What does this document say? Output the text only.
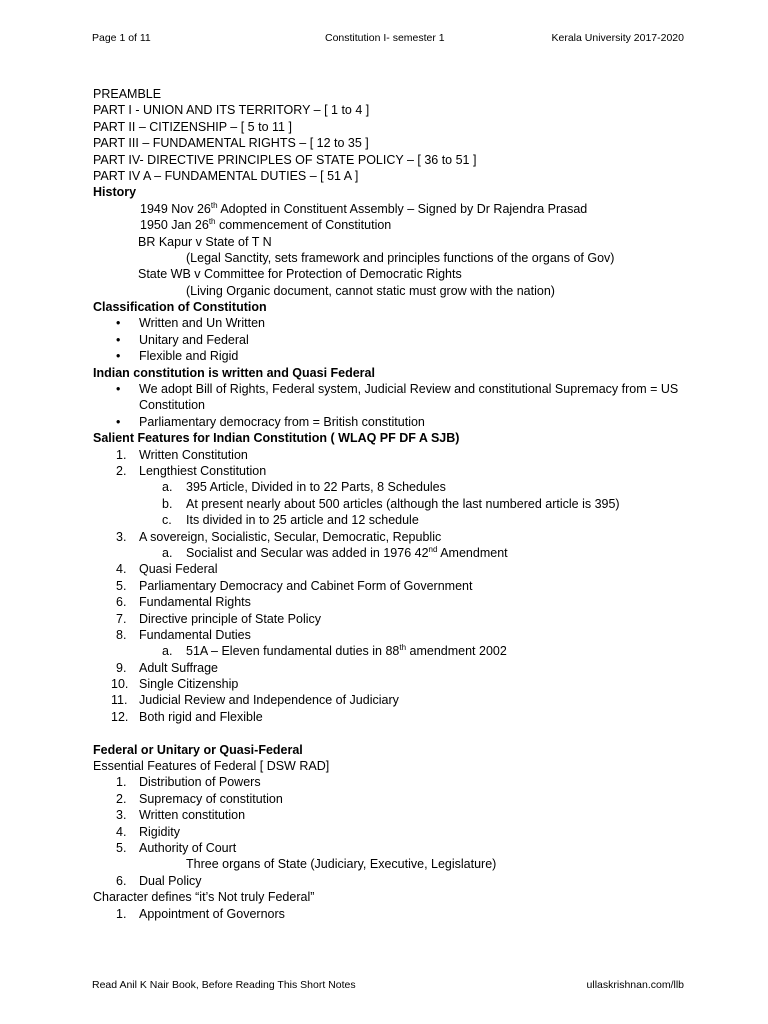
Page 1 of 11	Constitution I- semester 1	Kerala University 2017-2020
PREAMBLE
PART I - UNION AND ITS TERRITORY – [ 1 to 4 ]
PART II – CITIZENSHIP – [ 5 to 11 ]
PART III – FUNDAMENTAL RIGHTS – [ 12 to 35 ]
PART IV- DIRECTIVE PRINCIPLES OF STATE POLICY – [ 36 to 51 ]
PART IV A – FUNDAMENTAL DUTIES – [ 51 A ]
History
1949 Nov 26th Adopted in Constituent Assembly – Signed by Dr Rajendra Prasad
1950 Jan 26th commencement of Constitution
BR Kapur v State of T N
(Legal Sanctity, sets framework and principles functions of the organs of Gov)
State WB v Committee for Protection of Democratic Rights
(Living Organic document, cannot static must grow with the nation)
Classification of Constitution
• Written and Un Written
• Unitary and Federal
• Flexible and Rigid
Indian constitution is written and Quasi Federal
• We adopt Bill of Rights, Federal system, Judicial Review and constitutional Supremacy from = US Constitution
• Parliamentary democracy from = British constitution
Salient Features for Indian Constitution ( WLAQ PF DF A SJB)
1. Written Constitution
2. Lengthiest Constitution
a. 395 Article, Divided in to 22 Parts, 8 Schedules
b. At present nearly about 500 articles (although the last numbered article is 395)
c. Its divided in to 25 article and 12 schedule
3. A sovereign, Socialistic, Secular, Democratic, Republic
a. Socialist and Secular was added in 1976 42nd Amendment
4. Quasi Federal
5. Parliamentary Democracy and Cabinet Form of Government
6. Fundamental Rights
7. Directive principle of State Policy
8. Fundamental Duties
a. 51A – Eleven fundamental duties in 88th amendment 2002
9. Adult Suffrage
10. Single Citizenship
11. Judicial Review and Independence of Judiciary
12. Both rigid and Flexible
Federal or Unitary or Quasi-Federal
Essential Features of Federal [ DSW RAD]
1. Distribution of Powers
2. Supremacy of constitution
3. Written constitution
4. Rigidity
5. Authority of Court
Three organs of State (Judiciary, Executive, Legislature)
6. Dual Policy
Character defines “it’s Not truly Federal”
1. Appointment of Governors
Read Anil K Nair Book, Before Reading This Short Notes	ullaskrishnan.com/llb
